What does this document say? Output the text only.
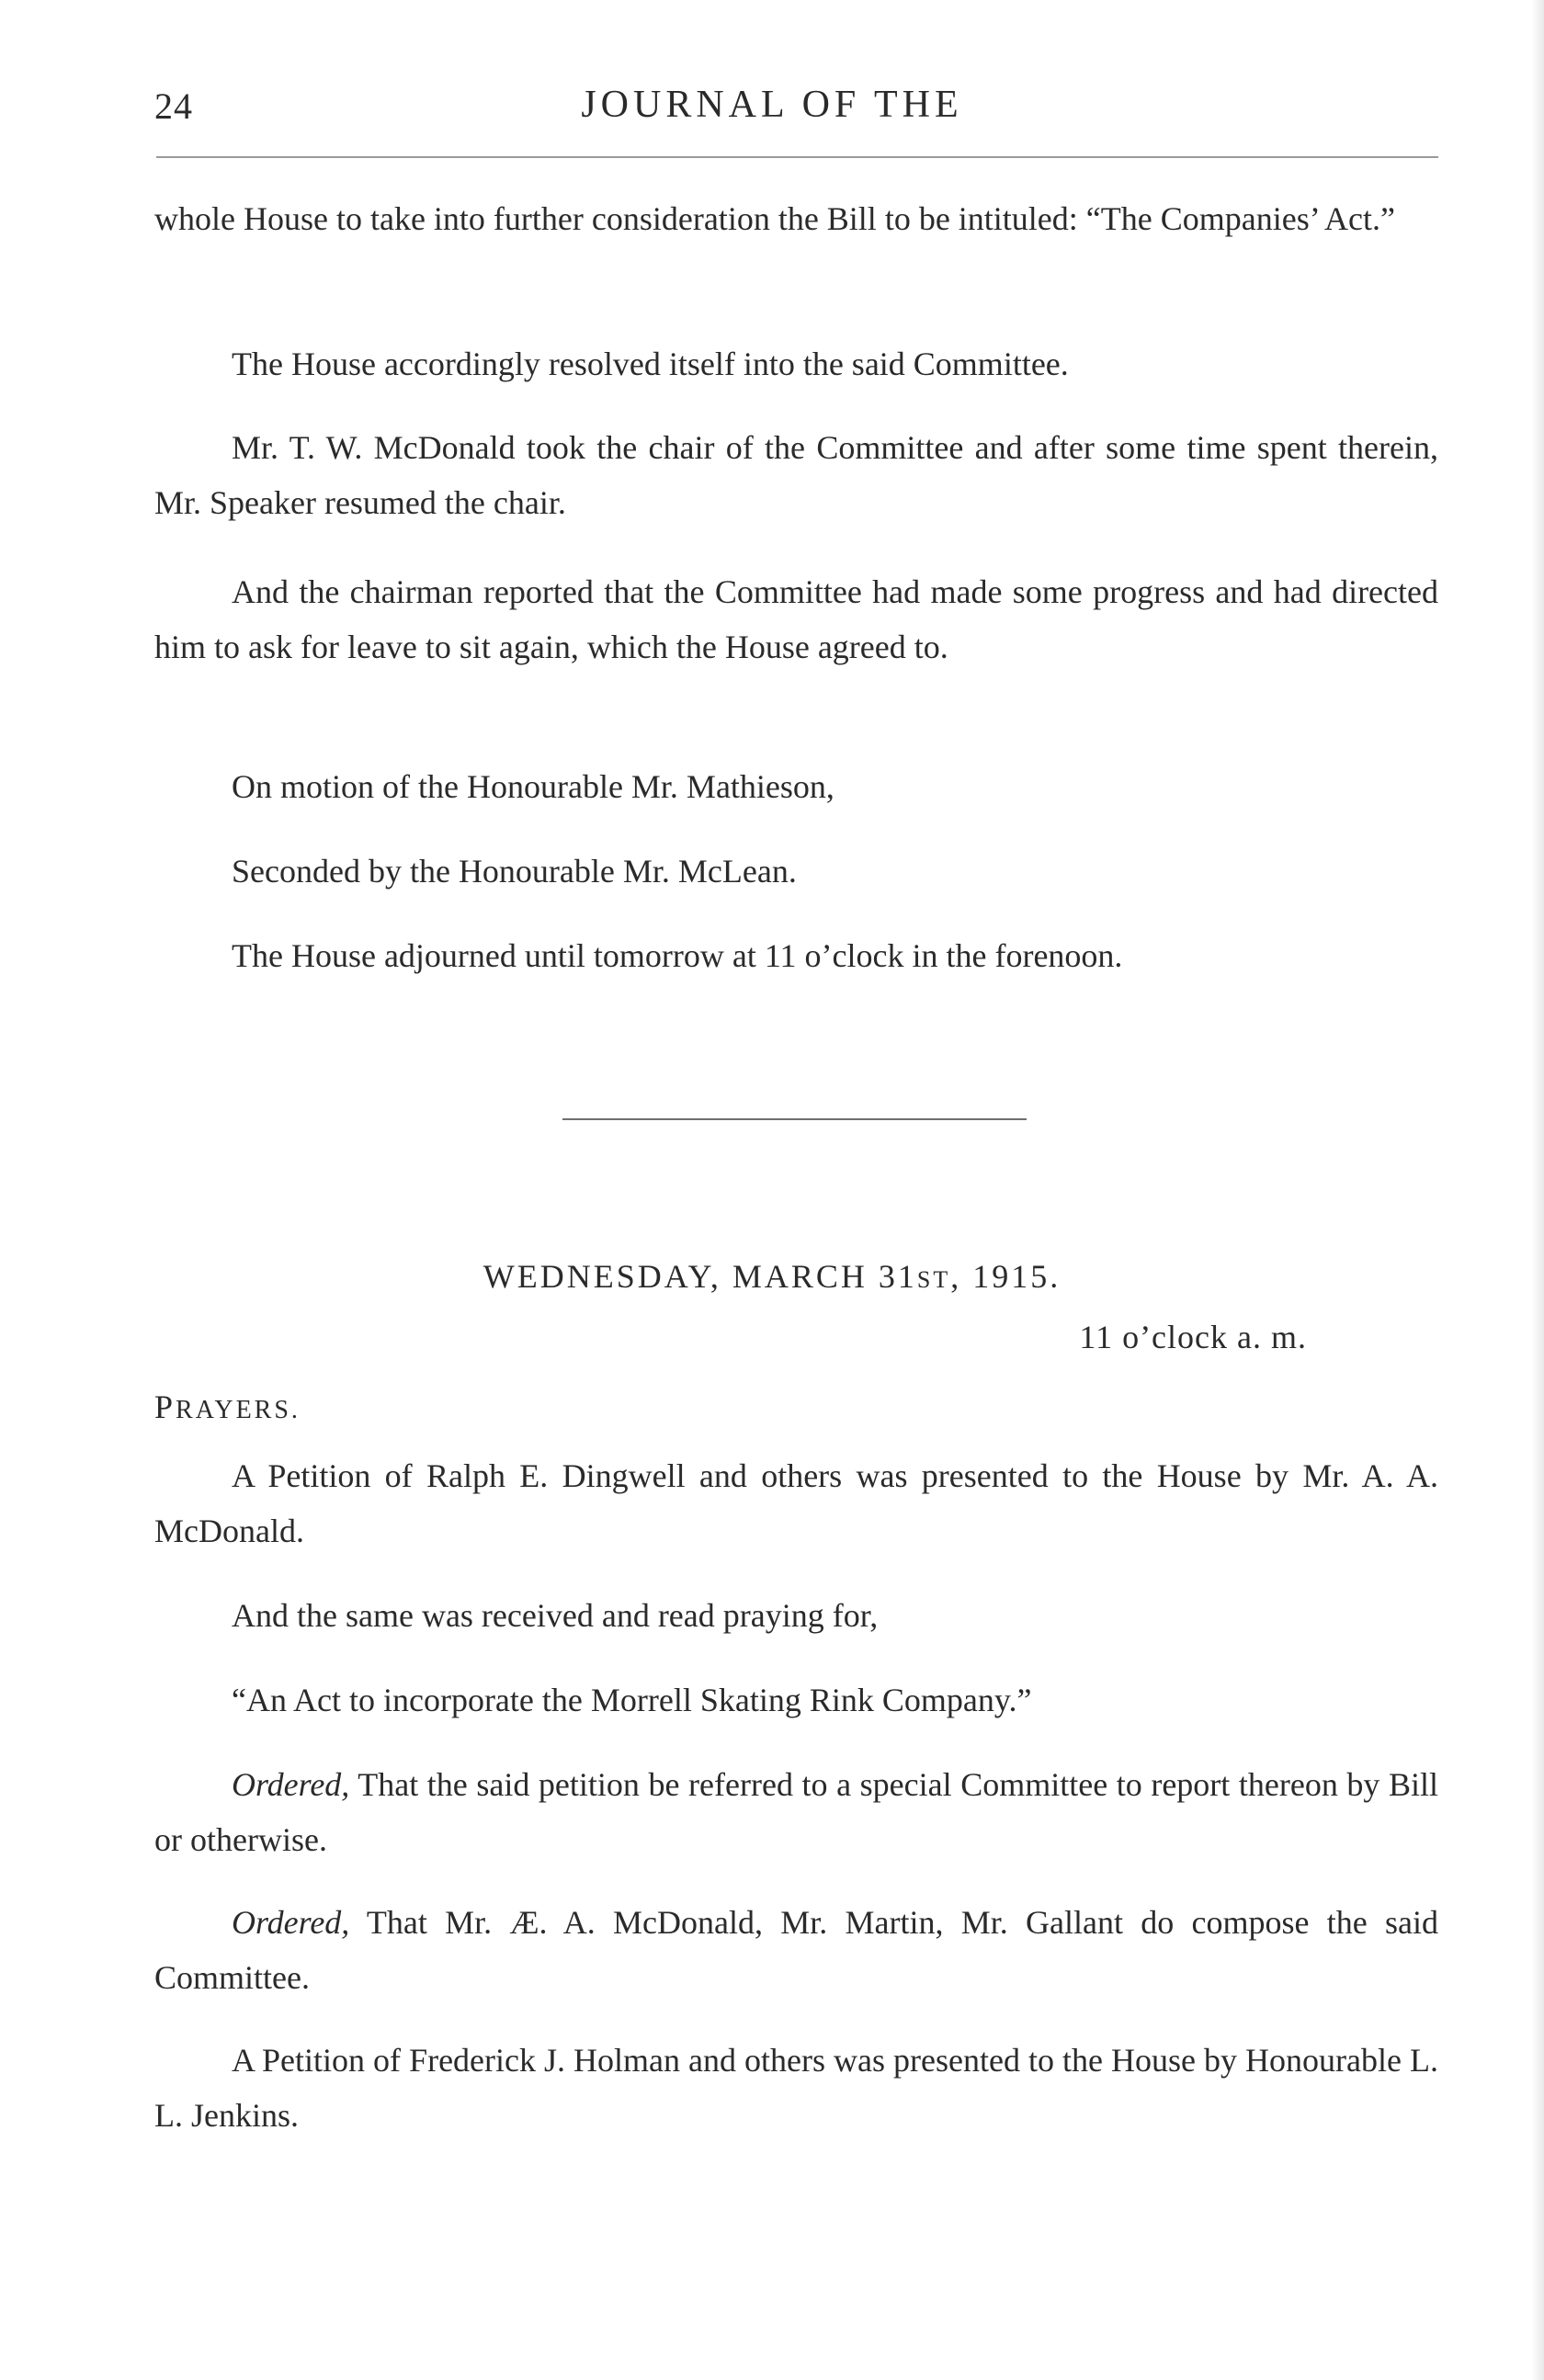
24	JOURNAL OF THE

whole House to take into further consideration the Bill to be intituled: “The Companies’ Act.”

The House accordingly resolved itself into the said Committee.

Mr. T. W. McDonald took the chair of the Committee and after some time spent therein, Mr. Speaker resumed the chair.

And the chairman reported that the Committee had made some progress and had directed him to ask for leave to sit again, which the House agreed to.

On motion of the Honourable Mr. Mathieson,

Seconded by the Honourable Mr. McLean.

The House adjourned until tomorrow at 11 o’clock in the forenoon.

WEDNESDAY, MARCH 31ST, 1915.
11 o’clock a. m.
PRAYERS.

A Petition of Ralph E. Dingwell and others was presented to the House by Mr. A. A. McDonald.

And the same was received and read praying for,

“An Act to incorporate the Morrell Skating Rink Company.”

Ordered, That the said petition be referred to a special Committee to report thereon by Bill or otherwise.

Ordered, That Mr. Æ. A. McDonald, Mr. Martin, Mr. Gallant do compose the said Committee.

A Petition of Frederick J. Holman and others was presented to the House by Honourable L. L. Jenkins.
